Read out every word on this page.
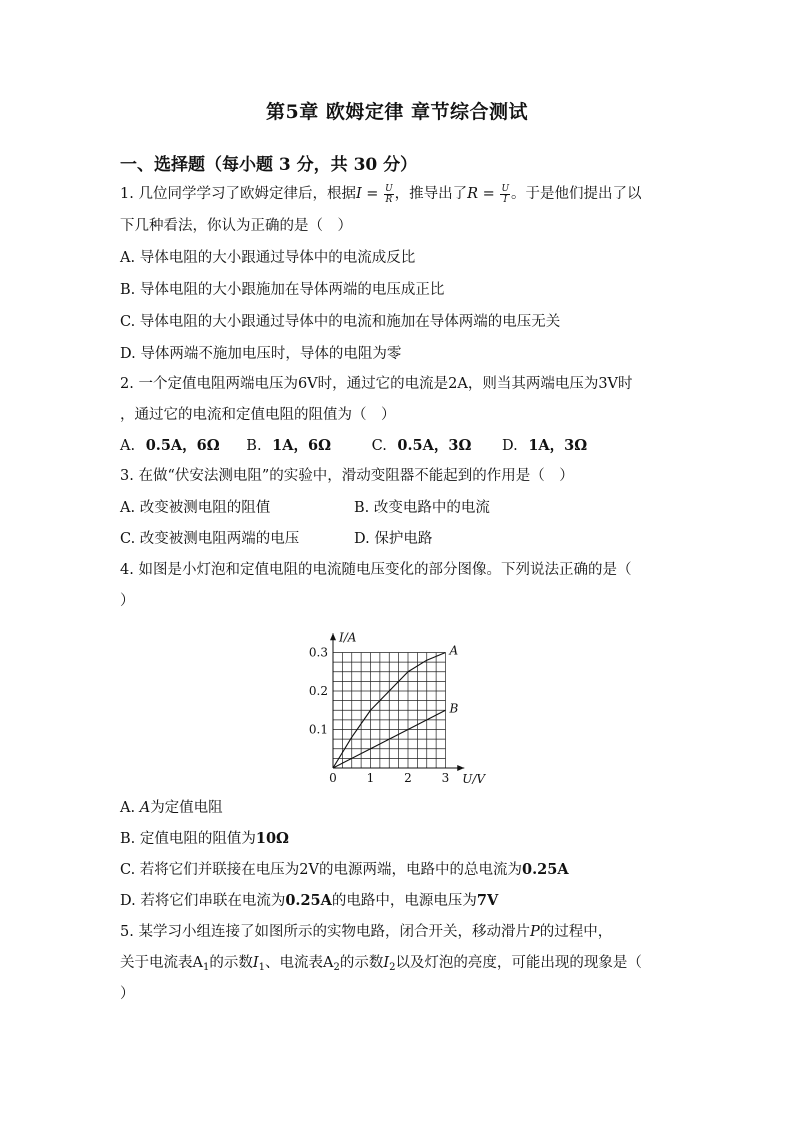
第5章 欧姆定律 章节综合测试
一、选择题（每小题 3 分，共 30 分）
1. 几位同学学习了欧姆定律后，根据$I = \frac{U}{R}$ ，推导出了$R = \frac{U}{I}$ 。于是他们提出了以
下几种看法，你认为正确的是（　）
A. 导体电阻的大小跟通过导体中的电流成反比
B. 导体电阻的大小跟施加在导体两端的电压成正比
C. 导体电阻的大小跟通过导体中的电流和施加在导体两端的电压无关
D. 导体两端不施加电压时，导体的电阻为零
2. 一个定值电阻两端电压为6V时，通过它的电流是2A，则当其两端电压为3V时
，通过它的电流和定值电阻的阻值为（　）
A. 0.5A，6Ω B. 1A，6Ω	C. 0.5A，3Ω D. 1A，3Ω
3. 在做“伏安法测电阻”的实验中，滑动变阻器不能起到的作用是（　）
A. 改变被测电阻的阻值	B. 改变电路中的电流
C. 改变被测电阻两端的电压	D. 保护电路
4. 如图是小灯泡和定值电阻的电流随电压变化的部分图像。下列说法正确的是（
）
0 1 2 3
0.1
0.2
0.3
U/V
I/A
A
B
A. A为定值电阻
B. 定值电阻的阻值为10Ω
C. 若将它们并联接在电压为2V的电源两端，电路中的总电流为0.25A
D. 若将它们串联在电流为0.25A的电路中，电源电压为7V
5. 某学习小组连接了如图所示的实物电路，闭合开关，移动滑片P的过程中，
关于电流表$A_1$的示数$I_1$、电流表$A_2$的示数$I_2$以及灯泡的亮度，可能出现的现象是（
）
